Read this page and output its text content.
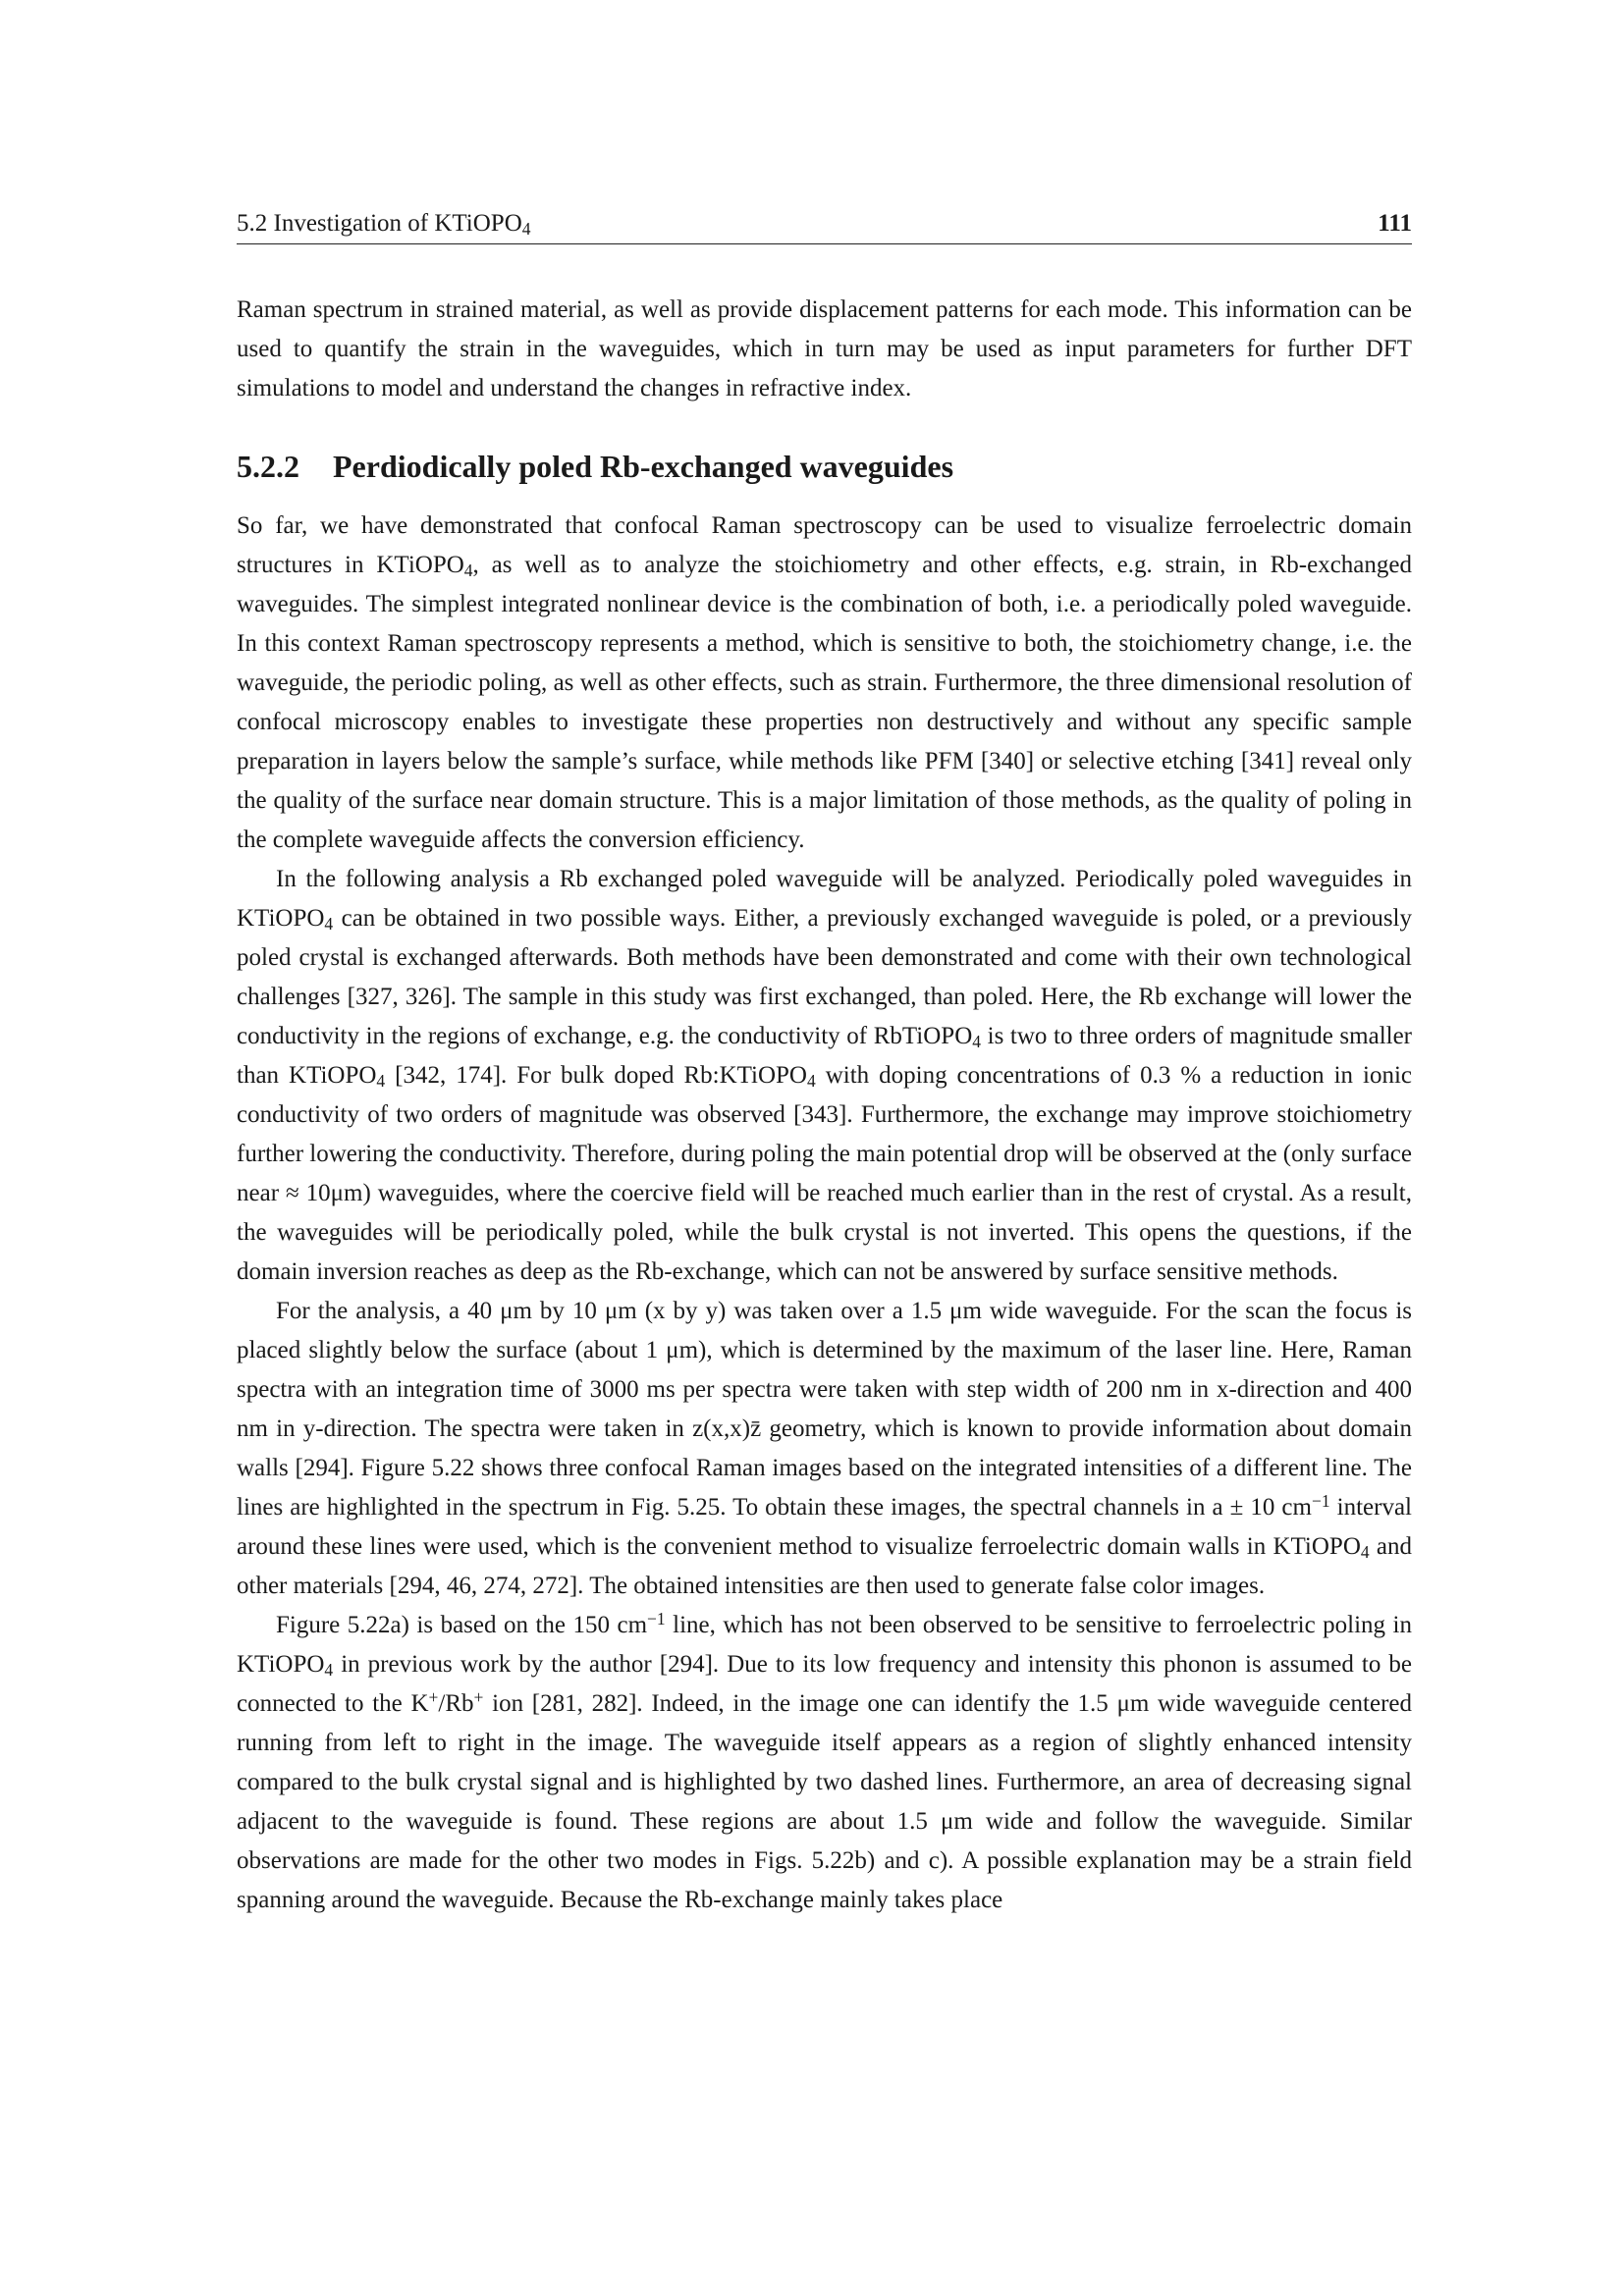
5.2 Investigation of KTiOPO$_4$	111

Raman spectrum in strained material, as well as provide displacement patterns for each mode. This information can be used to quantify the strain in the waveguides, which in turn may be used as input parameters for further DFT simulations to model and understand the changes in refractive index.

5.2.2 Perdiodically poled Rb-exchanged waveguides

So far, we have demonstrated that confocal Raman spectroscopy can be used to visualize ferroelectric domain structures in KTiOPO$_4$, as well as to analyze the stoichiometry and other effects, e.g. strain, in Rb-exchanged waveguides. The simplest integrated nonlinear device is the combination of both, i.e. a periodically poled waveguide. In this context Raman spectroscopy represents a method, which is sensitive to both, the stoichiometry change, i.e. the waveguide, the periodic poling, as well as other effects, such as strain. Furthermore, the three dimensional resolution of confocal microscopy enables to investigate these properties non destructively and without any specific sample preparation in layers below the sample’s surface, while methods like PFM [340] or selective etching [341] reveal only the quality of the surface near domain structure. This is a major limitation of those methods, as the quality of poling in the complete waveguide affects the conversion efficiency.

In the following analysis a Rb exchanged poled waveguide will be analyzed. Periodically poled waveguides in KTiOPO$_4$ can be obtained in two possible ways. Either, a previously exchanged waveguide is poled, or a previously poled crystal is exchanged afterwards. Both methods have been demonstrated and come with their own technological challenges [327, 326]. The sample in this study was first exchanged, than poled. Here, the Rb exchange will lower the conductivity in the regions of exchange, e.g. the conductivity of RbTiOPO$_4$ is two to three orders of magnitude smaller than KTiOPO$_4$ [342, 174]. For bulk doped Rb:KTiOPO$_4$ with doping concentrations of 0.3 % a reduction in ionic conductivity of two orders of magnitude was observed [343]. Furthermore, the exchange may improve stoichiometry further lowering the conductivity. Therefore, during poling the main potential drop will be observed at the (only surface near ≈ 10μm) waveguides, where the coercive field will be reached much earlier than in the rest of crystal. As a result, the waveguides will be periodically poled, while the bulk crystal is not inverted. This opens the questions, if the domain inversion reaches as deep as the Rb-exchange, which can not be answered by surface sensitive methods.

For the analysis, a 40 μm by 10 μm (x by y) was taken over a 1.5 μm wide waveguide. For the scan the focus is placed slightly below the surface (about 1 μm), which is determined by the maximum of the laser line. Here, Raman spectra with an integration time of 3000 ms per spectra were taken with step width of 200 nm in x-direction and 400 nm in y-direction. The spectra were taken in z(x,x)z̄ geometry, which is known to provide information about domain walls [294]. Figure 5.22 shows three confocal Raman images based on the integrated intensities of a different line. The lines are highlighted in the spectrum in Fig. 5.25. To obtain these images, the spectral channels in a ± 10 $cm^{-1}$ interval around these lines were used, which is the convenient method to visualize ferroelectric domain walls in KTiOPO$_4$ and other materials [294, 46, 274, 272]. The obtained intensities are then used to generate false color images.

Figure 5.22a) is based on the 150 $cm^{-1}$ line, which has not been observed to be sensitive to ferroelectric poling in KTiOPO$_4$ in previous work by the author [294]. Due to its low frequency and intensity this phonon is assumed to be connected to the K+/Rb+ ion [281, 282]. Indeed, in the image one can identify the 1.5 μm wide waveguide centered running from left to right in the image. The waveguide itself appears as a region of slightly enhanced intensity compared to the bulk crystal signal and is highlighted by two dashed lines. Furthermore, an area of decreasing signal adjacent to the waveguide is found. These regions are about 1.5 μm wide and follow the waveguide. Similar observations are made for the other two modes in Figs. 5.22b) and c). A possible explanation may be a strain field spanning around the waveguide. Because the Rb-exchange mainly takes place
